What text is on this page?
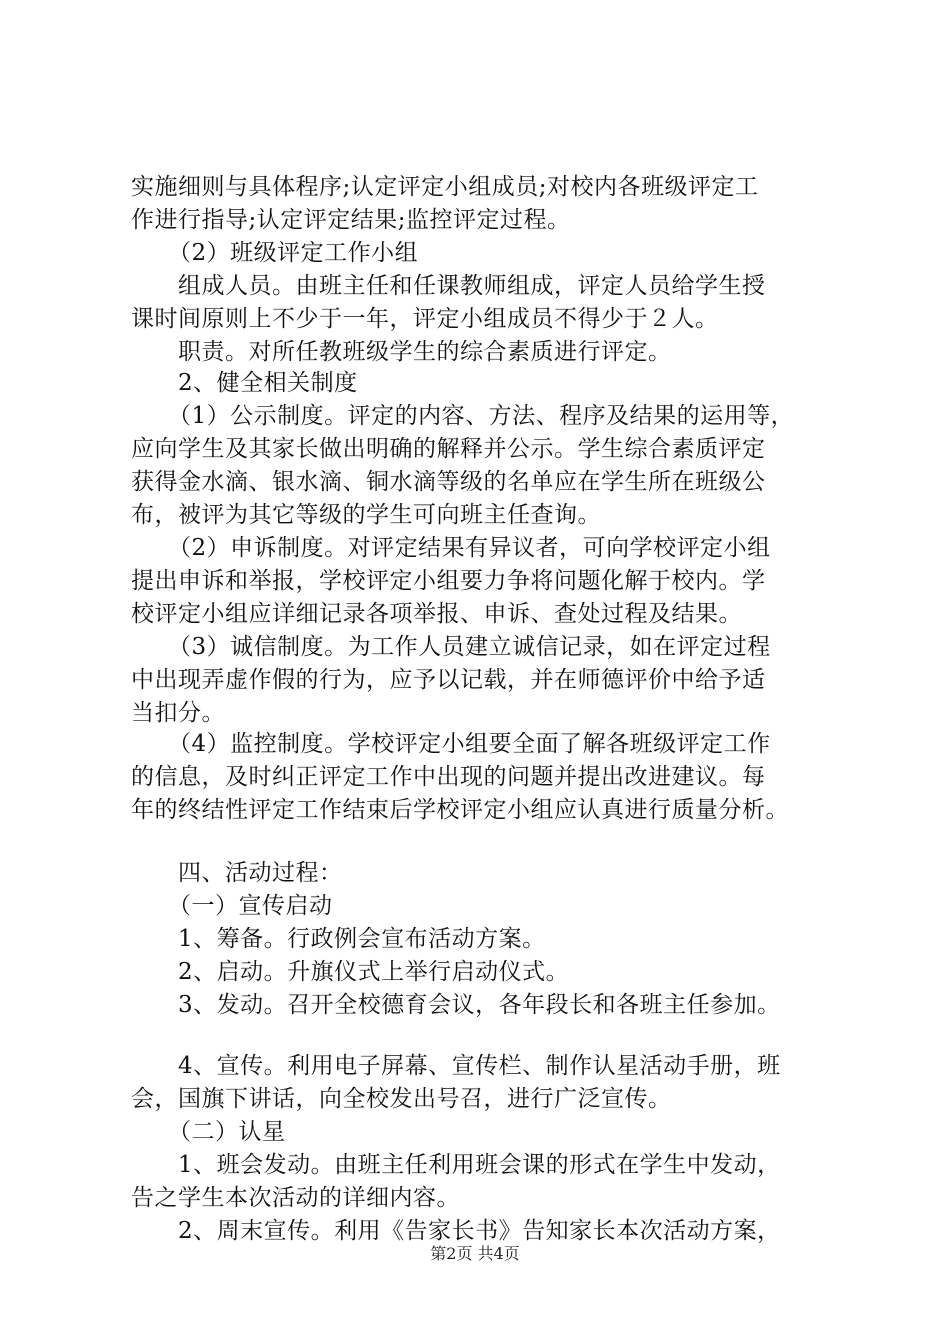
实施细则与具体程序;认定评定小组成员;对校内各班级评定工
作进行指导;认定评定结果;监控评定过程。
（2）班级评定工作小组
组成人员。由班主任和任课教师组成，评定人员给学生授
课时间原则上不少于一年，评定小组成员不得少于２人。
职责。对所任教班级学生的综合素质进行评定。
2、健全相关制度
（1）公示制度。评定的内容、方法、程序及结果的运用等，
应向学生及其家长做出明确的解释并公示。学生综合素质评定
获得金水滴、银水滴、铜水滴等级的名单应在学生所在班级公
布，被评为其它等级的学生可向班主任查询。
（2）申诉制度。对评定结果有异议者，可向学校评定小组
提出申诉和举报，学校评定小组要力争将问题化解于校内。学
校评定小组应详细记录各项举报、申诉、查处过程及结果。
（3）诚信制度。为工作人员建立诚信记录，如在评定过程
中出现弄虚作假的行为，应予以记载，并在师德评价中给予适
当扣分。
（4）监控制度。学校评定小组要全面了解各班级评定工作
的信息，及时纠正评定工作中出现的问题并提出改进建议。每
年的终结性评定工作结束后学校评定小组应认真进行质量分析。
四、活动过程：
（一）宣传启动
1、筹备。行政例会宣布活动方案。
2、启动。升旗仪式上举行启动仪式。
3、发动。召开全校德育会议，各年段长和各班主任参加。
4、宣传。利用电子屏幕、宣传栏、制作认星活动手册，班
会，国旗下讲话，向全校发出号召，进行广泛宣传。
（二）认星
1、班会发动。由班主任利用班会课的形式在学生中发动，
告之学生本次活动的详细内容。
2、周末宣传。利用《告家长书》告知家长本次活动方案，
第2页 共4页
